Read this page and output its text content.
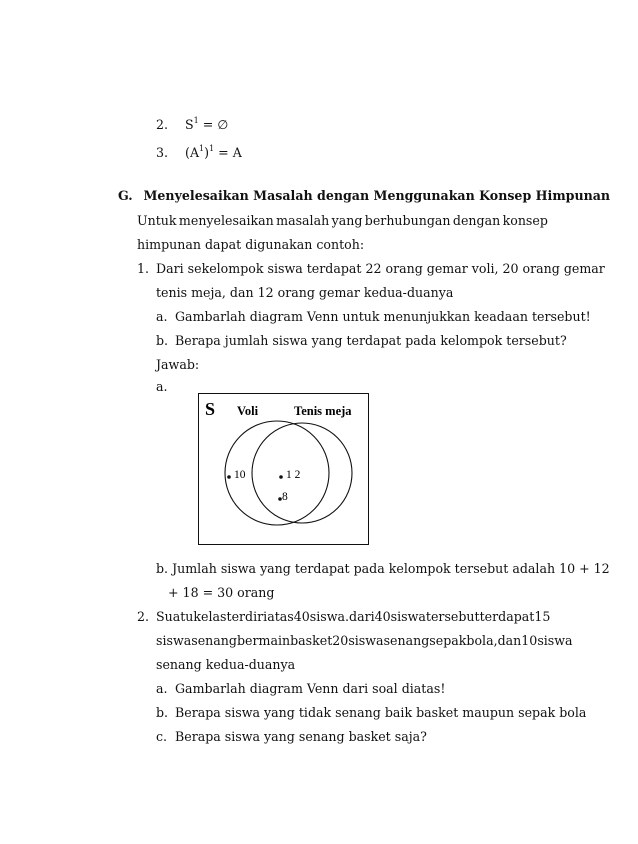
2. $S^1$ = ∅
3. $(A^1)^1 = A$
G. Menyelesaikan Masalah dengan Menggunakan Konsep Himpunan
Untuk menyelesaikan masalah yang berhubungan dengan konsep
himpunan dapat digunakan contoh:
1. Dari sekelompok siswa terdapat 22 orang gemar voli, 20 orang gemar
tenis meja, dan 12 orang gemar kedua-duanya
a. Gambarlah diagram Venn untuk menunjukkan keadaan tersebut!
b. Berapa jumlah siswa yang terdapat pada kelompok tersebut?
Jawab:
a.
S Voli	Tenis meja
10	1 2
8
b. Jumlah siswa yang terdapat pada kelompok tersebut adalah 10 + 12
+ 18 = 30 orang
2. Suatu kelas terdiri atas 40 siswa. dari 40 siswa tersebut terdapat 15
siswa senang bermain basket 20 siswa senang sepakbola, dan 10 siswa
senang kedua-duanya
a. Gambarlah diagram Venn dari soal diatas!
b. Berapa siswa yang tidak senang baik basket maupun sepak bola
c. Berapa siswa yang senang basket saja?
